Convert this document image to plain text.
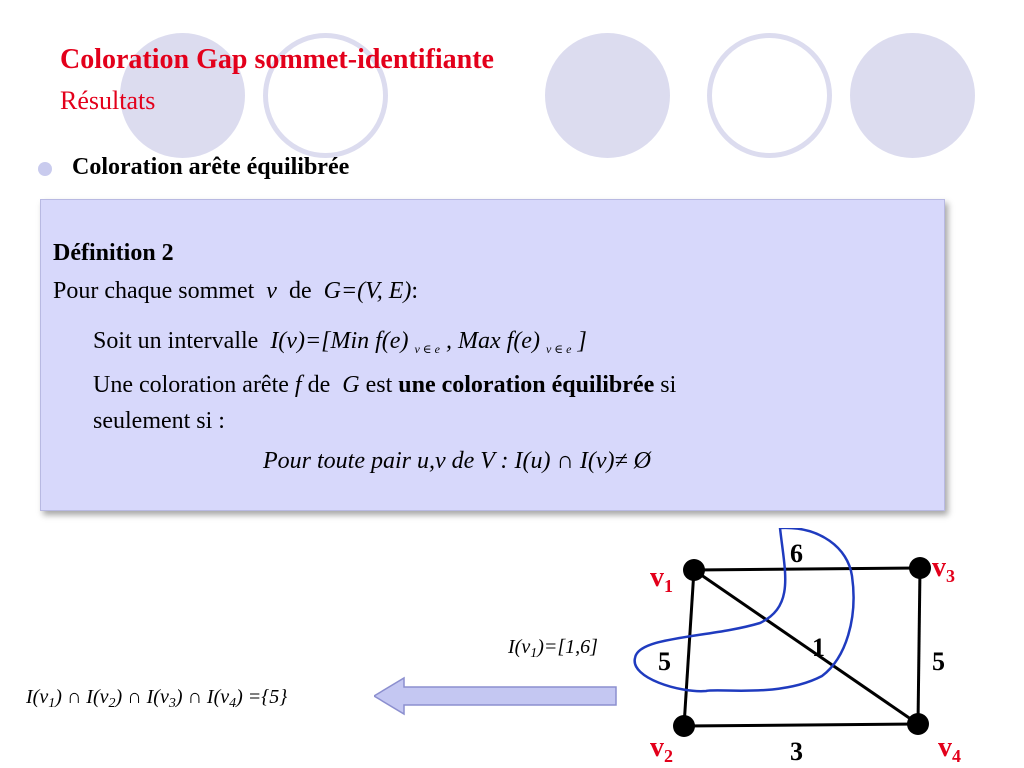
Coloration Gap sommet-identifiante
Résultats
Coloration arête équilibrée
Définition 2
Pour chaque sommet v de G=(V, E):
Soit un intervalle I(v)=[Min f(e) $_{v \in e}$ , Max f(e) $_{v \in e}$ ]
Une coloration arête f de G est une coloration équilibrée si
seulement si :
Pour toute pair u,v de V : I(u) ∩ I(v)≠ Ø
$I(v_1)=[1,6]$
$I(v_1)$ ∩ $I(v_2)$ ∩ $I(v_3)$ ∩ $I(v_4) =\{5\}$
$v_1$
$v_2$
$v_3$
$v_4$
6
1
5	5
3
